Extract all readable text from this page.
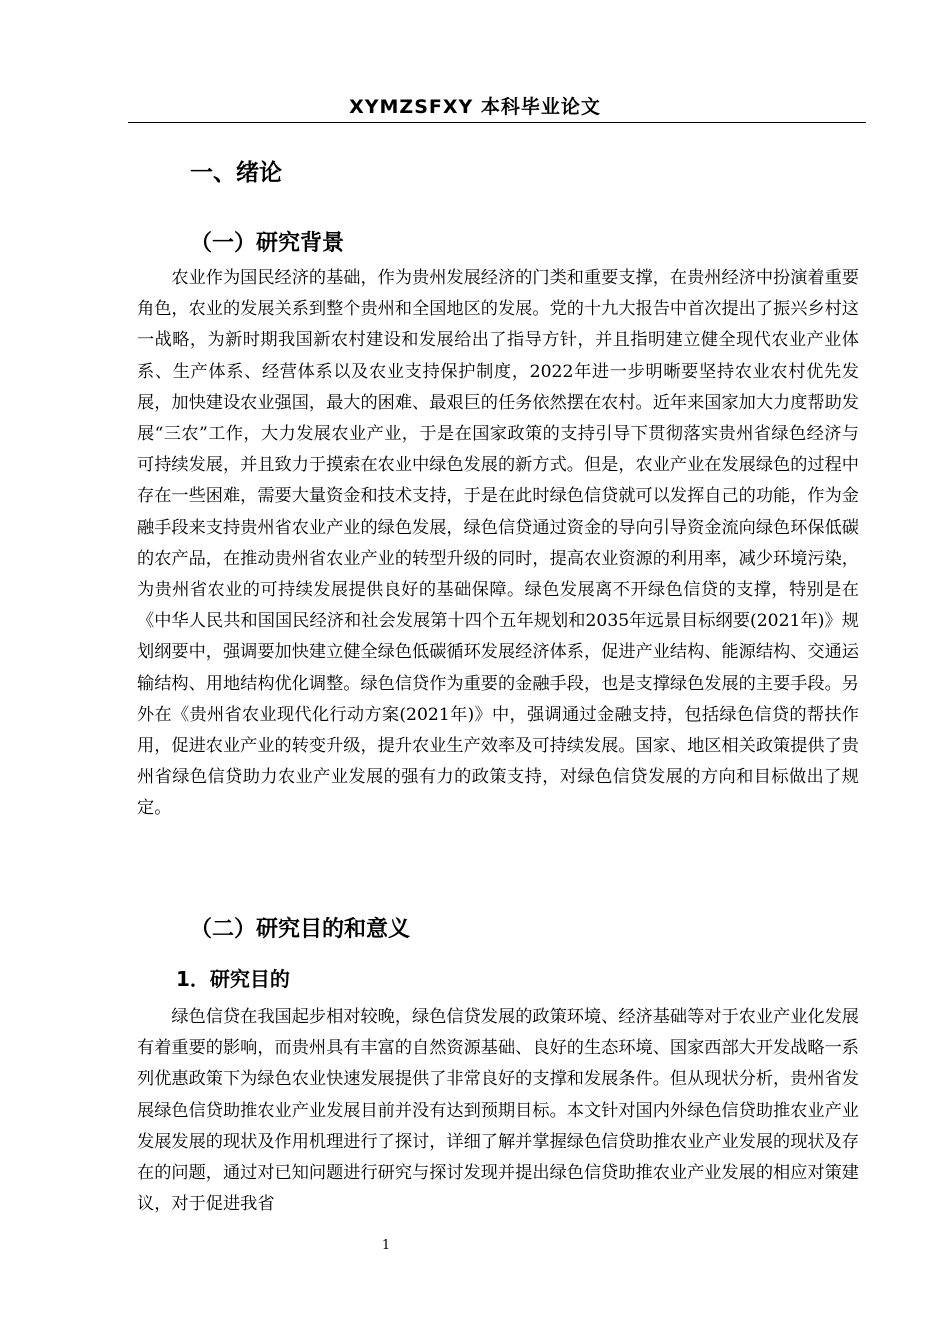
XYMZSFXY 本科毕业论文
一、绪论
（一）研究背景
农业作为国民经济的基础，作为贵州发展经济的门类和重要支撑，在贵州经济中扮演着重要角色，农业的发展关系到整个贵州和全国地区的发展。党的十九大报告中首次提出了振兴乡村这一战略，为新时期我国新农村建设和发展给出了指导方针，并且指明建立健全现代农业产业体系、生产体系、经营体系以及农业支持保护制度，2022年进一步明晰要坚持农业农村优先发展，加快建设农业强国，最大的困难、最艰巨的任务依然摆在农村。近年来国家加大力度帮助发展“三农”工作，大力发展农业产业，于是在国家政策的支持引导下贯彻落实贵州省绿色经济与可持续发展，并且致力于摸索在农业中绿色发展的新方式。但是，农业产业在发展绿色的过程中存在一些困难，需要大量资金和技术支持，于是在此时绿色信贷就可以发挥自己的功能，作为金融手段来支持贵州省农业产业的绿色发展，绿色信贷通过资金的导向引导资金流向绿色环保低碳的农产品，在推动贵州省农业产业的转型升级的同时，提高农业资源的利用率，减少环境污染，为贵州省农业的可持续发展提供良好的基础保障。绿色发展离不开绿色信贷的支撑，特别是在《中华人民共和国国民经济和社会发展第十四个五年规划和2035年远景目标纲要(2021年)》规划纲要中，强调要加快建立健全绿色低碳循环发展经济体系，促进产业结构、能源结构、交通运输结构、用地结构优化调整。绿色信贷作为重要的金融手段，也是支撑绿色发展的主要手段。另外在《贵州省农业现代化行动方案(2021年)》中，强调通过金融支持，包括绿色信贷的帮扶作用，促进农业产业的转变升级，提升农业生产效率及可持续发展。国家、地区相关政策提供了贵州省绿色信贷助力农业产业发展的强有力的政策支持，对绿色信贷发展的方向和目标做出了规定。
（二）研究目的和意义
1．研究目的
绿色信贷在我国起步相对较晚，绿色信贷发展的政策环境、经济基础等对于农业产业化发展有着重要的影响，而贵州具有丰富的自然资源基础、良好的生态环境、国家西部大开发战略一系列优惠政策下为绿色农业快速发展提供了非常良好的支撑和发展条件。但从现状分析，贵州省发展绿色信贷助推农业产业发展目前并没有达到预期目标。本文针对国内外绿色信贷助推农业产业发展发展的现状及作用机理进行了探讨，详细了解并掌握绿色信贷助推农业产业发展的现状及存在的问题，通过对已知问题进行研究与探讨发现并提出绿色信贷助推农业产业发展的相应对策建议，对于促进我省
1
